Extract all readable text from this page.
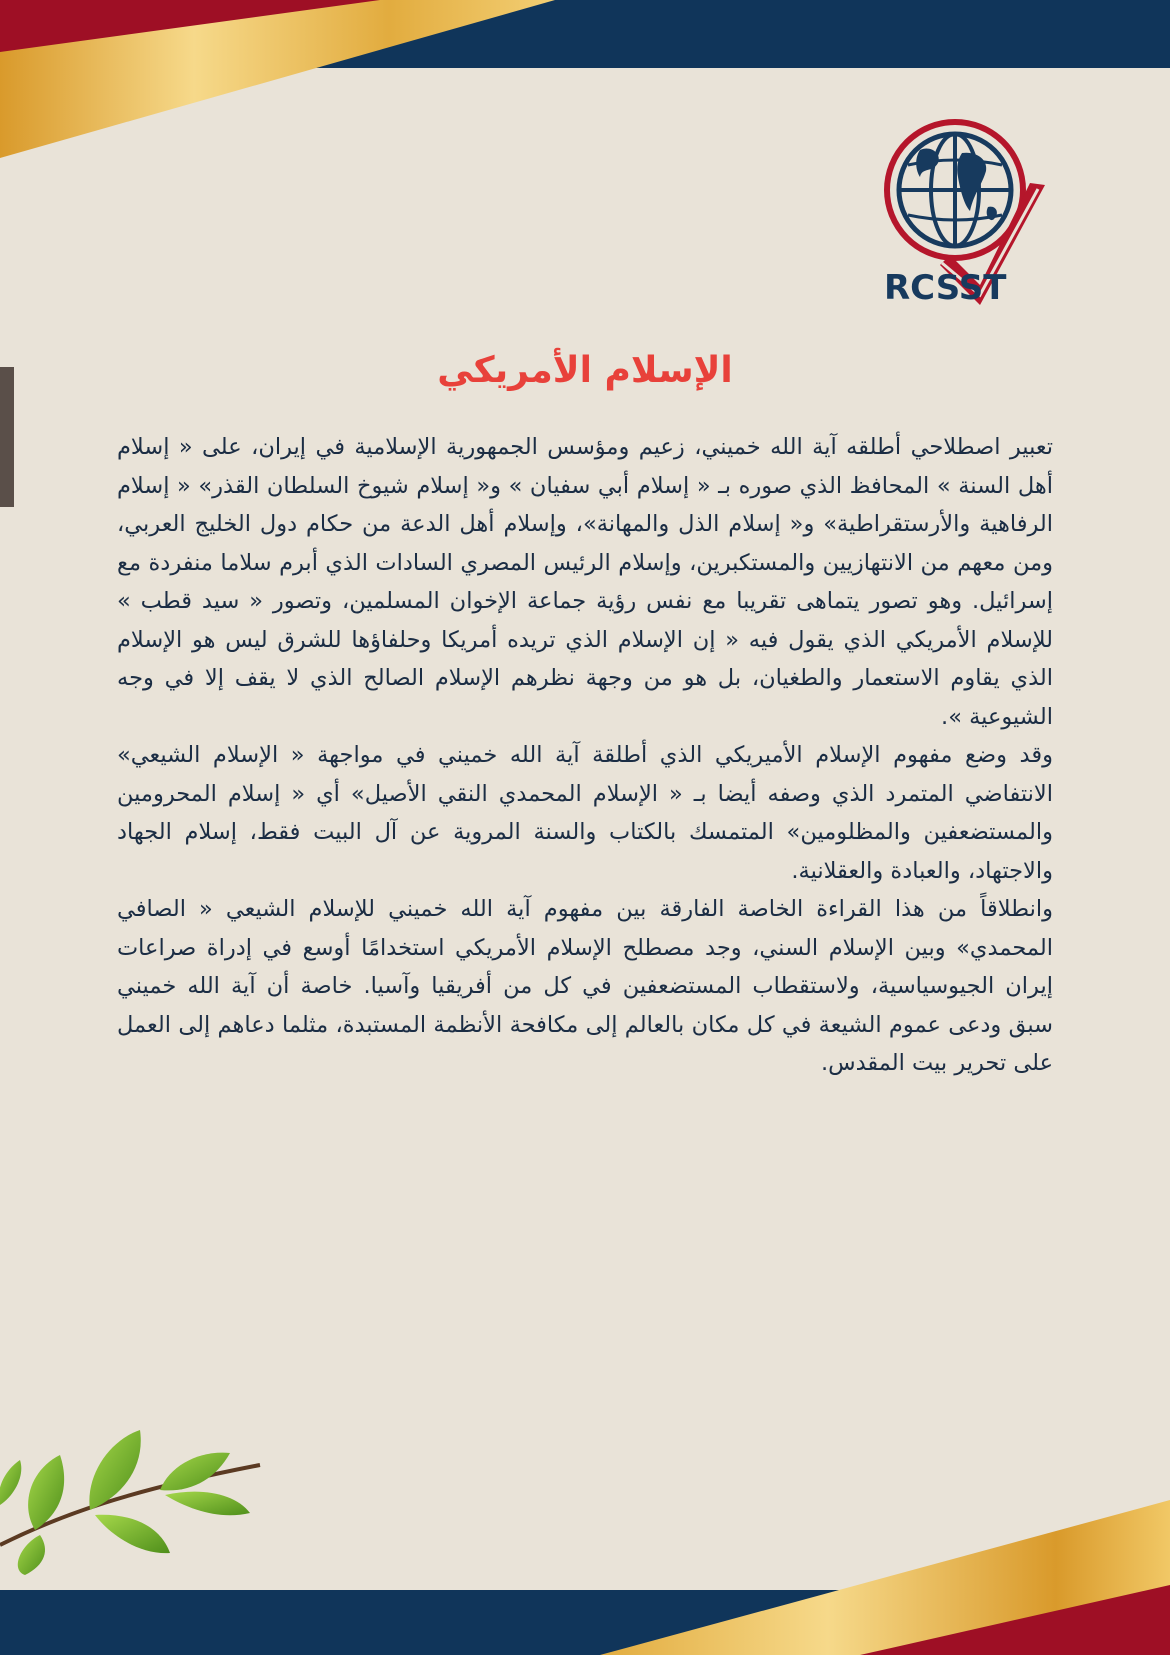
RCSST
الإسلام الأمريكي

تعبير اصطلاحي أطلقه آية الله خميني، زعيم ومؤسس الجمهورية الإسلامية في إيران، على « إسلام أهل السنة » المحافظ الذي صوره بـ « إسلام أبي سفيان » و« إسلام شيوخ السلطان القذر» « إسلام الرفاهية والأرستقراطية» و« إسلام الذل والمهانة»، وإسلام أهل الدعة من حكام دول الخليج العربي، ومن معهم من الانتهازيين والمستكبرين، وإسلام الرئيس المصري السادات الذي أبرم سلاما منفردة مع إسرائيل. وهو تصور يتماهى تقريبا مع نفس رؤية جماعة الإخوان المسلمين، وتصور « سيد قطب » للإسلام الأمريكي الذي يقول فيه « إن الإسلام الذي تريده أمريكا وحلفاؤها للشرق ليس هو الإسلام الذي يقاوم الاستعمار والطغيان، بل هو من وجهة نظرهم الإسلام الصالح الذي لا يقف إلا في وجه الشيوعية ».

وقد وضع مفهوم الإسلام الأميريكي الذي أطلقة آية الله خميني في مواجهة « الإسلام الشيعي» الانتفاضي المتمرد الذي وصفه أيضا بـ « الإسلام المحمدي النقي الأصيل» أي « إسلام المحرومين والمستضعفين والمظلومين» المتمسك بالكتاب والسنة المروية عن آل البيت فقط، إسلام الجهاد والاجتهاد، والعبادة والعقلانية.

وانطلاقاً من هذا القراءة الخاصة الفارقة بين مفهوم آية الله خميني للإسلام الشيعي « الصافي المحمدي» وبين الإسلام السني، وجد مصطلح الإسلام الأمريكي استخدامًا أوسع في إدراة صراعات إيران الجيوسياسية، ولاستقطاب المستضعفين في كل من أفريقيا وآسيا. خاصة أن آية الله خميني سبق ودعى عموم الشيعة في كل مكان بالعالم إلى مكافحة الأنظمة المستبدة، مثلما دعاهم إلى العمل على تحرير بيت المقدس.
